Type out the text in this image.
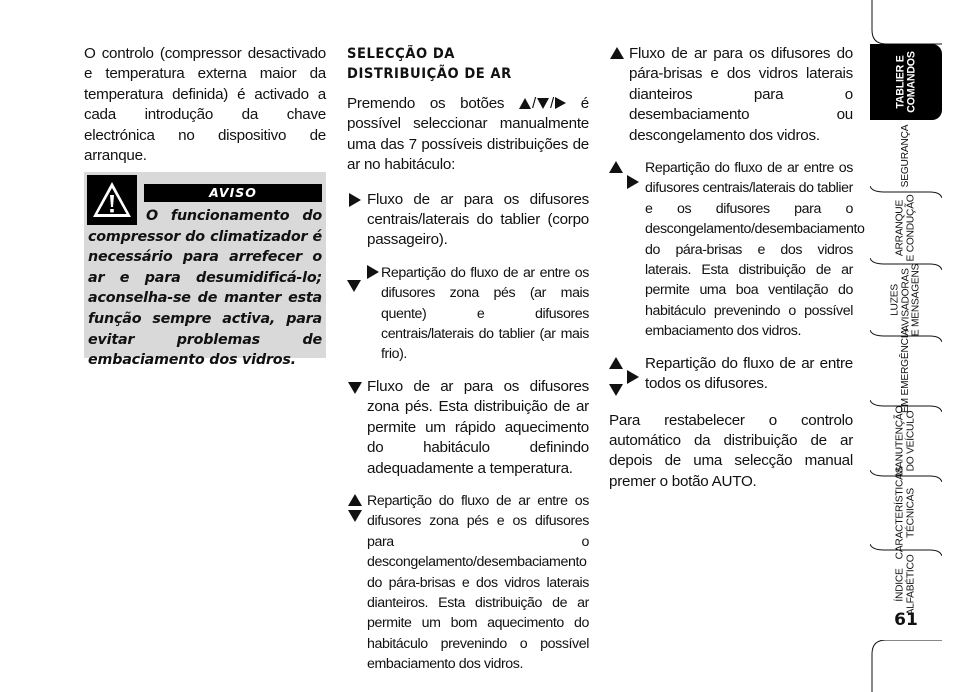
O controlo (compressor desactivado e temperatura externa maior da temperatura definida) é activado a cada introdução da chave electrónica no dispositivo de arranque.

AVISO
O funcionamento do compressor do climatizador é necessário para arrefecer o ar e para desumidificá-lo; aconselha-se de manter esta função sempre activa, para evitar problemas de embaciamento dos vidros.
SELECÇÃO DA
DISTRIBUIÇÃO DE AR

Premendo os botões / / é possível seleccionar manualmente uma das 7 possíveis distribuições de ar no habitáculo:

Fluxo de ar para os difusores centrais/laterais do tablier (corpo passageiro).
Repartição do fluxo de ar entre os difusores zona pés (ar mais quente) e difusores centrais/laterais do tablier (ar mais frio).
Fluxo de ar para os difusores zona pés. Esta distribuição de ar permite um rápido aquecimento do habitáculo definindo adequadamente a temperatura.
Repartição do fluxo de ar entre os difusores zona pés e os difusores para o descongelamento/desembaciamento do pára-brisas e dos vidros laterais dianteiros. Esta distribuição de ar permite um bom aquecimento do habitáculo prevenindo o possível embaciamento dos vidros.
Fluxo de ar para os difusores do pára-brisas e dos vidros laterais dianteiros para o desembaciamento ou descongelamento dos vidros.
Repartição do fluxo de ar entre os difusores centrais/laterais do tablier e os difusores para o descongelamento/desembaciamento do pára-brisas e dos vidros laterais. Esta distribuição de ar permite uma boa ventilação do habitáculo prevenindo o possível embaciamento dos vidros.
Repartição do fluxo de ar entre todos os difusores.

Para restabelecer o controlo automático da distribuição de ar depois de uma selecção manual premer o botão AUTO.

TABLIER E
COMANDOS
SEGURANÇA
ARRANQUE E CONDUÇÃO
LUZES AVISADORAS E MENSAGENS
EM EMERGÊNCIA
MANUTENÇÃO DO VEÍCULO
CARACTERÍSTICAS TÉCNICAS
ÍNDICE ALFABÉTICO
61
